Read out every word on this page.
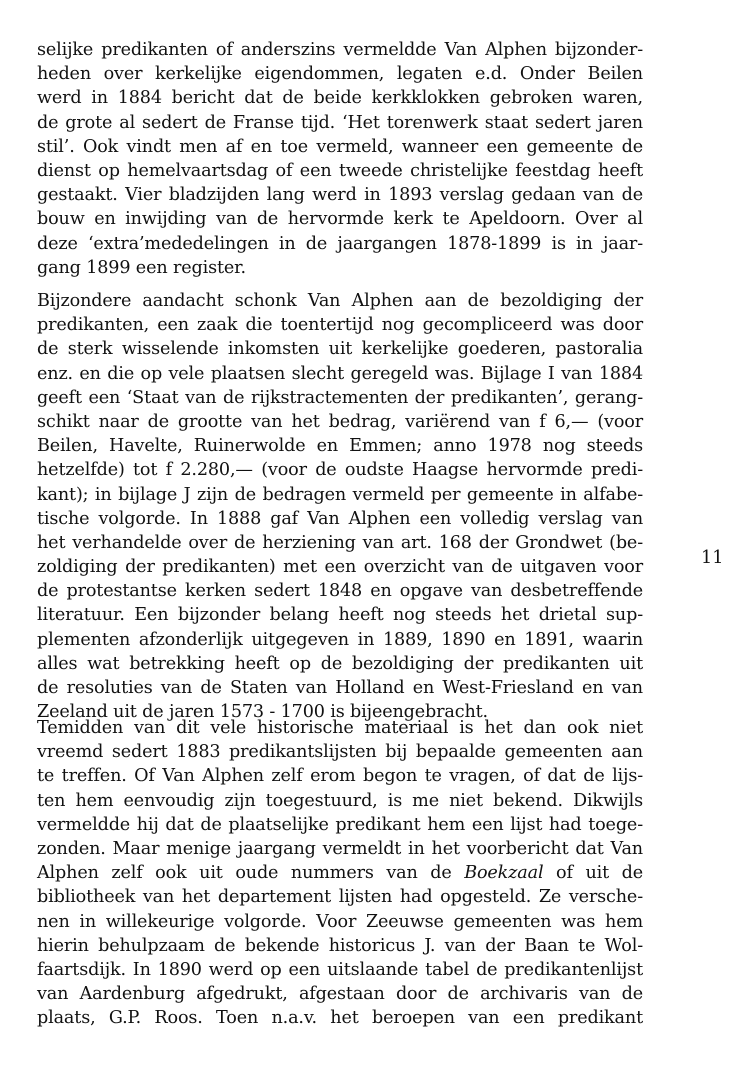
selijke predikanten of anderszins vermeldde Van Alphen bijzonder-
heden over kerkelijke eigendommen, legaten e.d. Onder Beilen
werd in 1884 bericht dat de beide kerkklokken gebroken waren,
de grote al sedert de Franse tijd. ‘Het torenwerk staat sedert jaren
stil’. Ook vindt men af en toe vermeld, wanneer een gemeente de
dienst op hemelvaartsdag of een tweede christelijke feestdag heeft
gestaakt. Vier bladzijden lang werd in 1893 verslag gedaan van de
bouw en inwijding van de hervormde kerk te Apeldoorn. Over al
deze ‘extra’mededelingen in de jaargangen 1878-1899 is in jaar-
gang 1899 een register.
Bijzondere aandacht schonk Van Alphen aan de bezoldiging der
predikanten, een zaak die toentertijd nog gecompliceerd was door
de sterk wisselende inkomsten uit kerkelijke goederen, pastoralia
enz. en die op vele plaatsen slecht geregeld was. Bijlage I van 1884
geeft een ‘Staat van de rijkstractementen der predikanten’, gerang-
schikt naar de grootte van het bedrag, variërend van f 6,— (voor
Beilen, Havelte, Ruinerwolde en Emmen; anno 1978 nog steeds
hetzelfde) tot f 2.280,— (voor de oudste Haagse hervormde predi-
kant); in bijlage J zijn de bedragen vermeld per gemeente in alfabe-
tische volgorde. In 1888 gaf Van Alphen een volledig verslag van
het verhandelde over de herziening van art. 168 der Grondwet (be-
zoldiging der predikanten) met een overzicht van de uitgaven voor
de protestantse kerken sedert 1848 en opgave van desbetreffende
literatuur. Een bijzonder belang heeft nog steeds het drietal sup-
plementen afzonderlijk uitgegeven in 1889, 1890 en 1891, waarin
alles wat betrekking heeft op de bezoldiging der predikanten uit
de resoluties van de Staten van Holland en West-Friesland en van
Zeeland uit de jaren 1573 - 1700 is bijeengebracht.
11
Temidden van dit vele historische materiaal is het dan ook niet
vreemd sedert 1883 predikantslijsten bij bepaalde gemeenten aan
te treffen. Of Van Alphen zelf erom begon te vragen, of dat de lijs-
ten hem eenvoudig zijn toegestuurd, is me niet bekend. Dikwijls
vermeldde hij dat de plaatselijke predikant hem een lijst had toege-
zonden. Maar menige jaargang vermeldt in het voorbericht dat Van
Alphen zelf ook uit oude nummers van de Boekzaal of uit de
bibliotheek van het departement lijsten had opgesteld. Ze versche-
nen in willekeurige volgorde. Voor Zeeuwse gemeenten was hem
hierin behulpzaam de bekende historicus J. van der Baan te Wol-
faartsdijk. In 1890 werd op een uitslaande tabel de predikantenlijst
van Aardenburg afgedrukt, afgestaan door de archivaris van de
plaats, G.P. Roos. Toen n.a.v. het beroepen van een predikant
